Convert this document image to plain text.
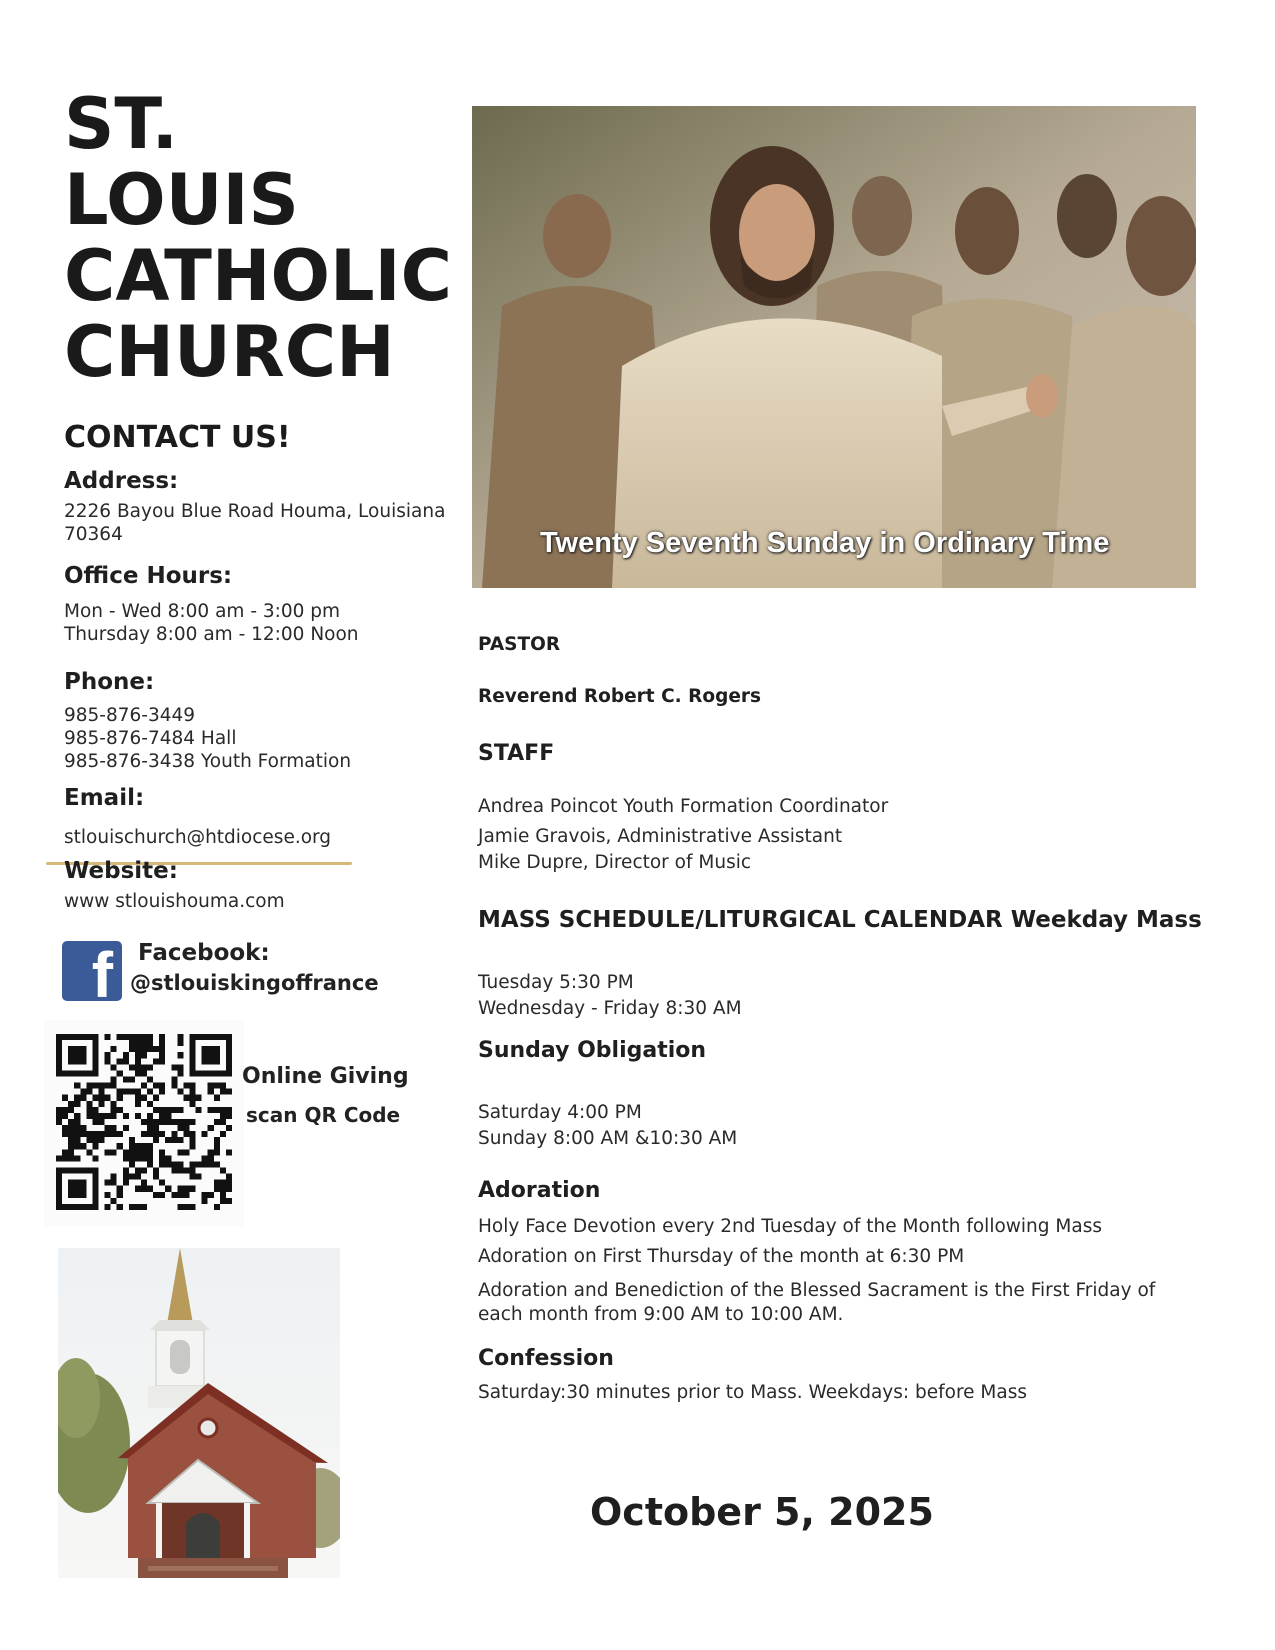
ST.
LOUIS
CATHOLIC
CHURCH
CONTACT US!
Address:
2226 Bayou Blue Road Houma, Louisiana
70364
Office Hours:
Mon - Wed 8:00 am - 3:00 pm
Thursday 8:00 am - 12:00 Noon
Phone:
985-876-3449
985-876-7484 Hall
985-876-3438 Youth Formation
Email:
stlouischurch@htdiocese.org
Website:
www stlouishouma.com
f Facebook:
@stlouiskingoffrance
Online Giving
scan QR Code
Twenty Seventh Sunday in Ordinary Time
PASTOR
Reverend Robert C. Rogers
STAFF
Andrea Poincot Youth Formation Coordinator
Jamie Gravois, Administrative Assistant
Mike Dupre, Director of Music
MASS SCHEDULE/LITURGICAL CALENDAR Weekday Mass
Tuesday 5:30 PM
Wednesday - Friday 8:30 AM
Sunday Obligation
Saturday 4:00 PM
Sunday 8:00 AM &10:30 AM
Adoration
Holy Face Devotion every 2nd Tuesday of the Month following Mass
Adoration on First Thursday of the month at 6:30 PM
Adoration and Benediction of the Blessed Sacrament is the First Friday of each month from 9:00 AM to 10:00 AM.
Confession
Saturday:30 minutes prior to Mass. Weekdays: before Mass
October 5, 2025
